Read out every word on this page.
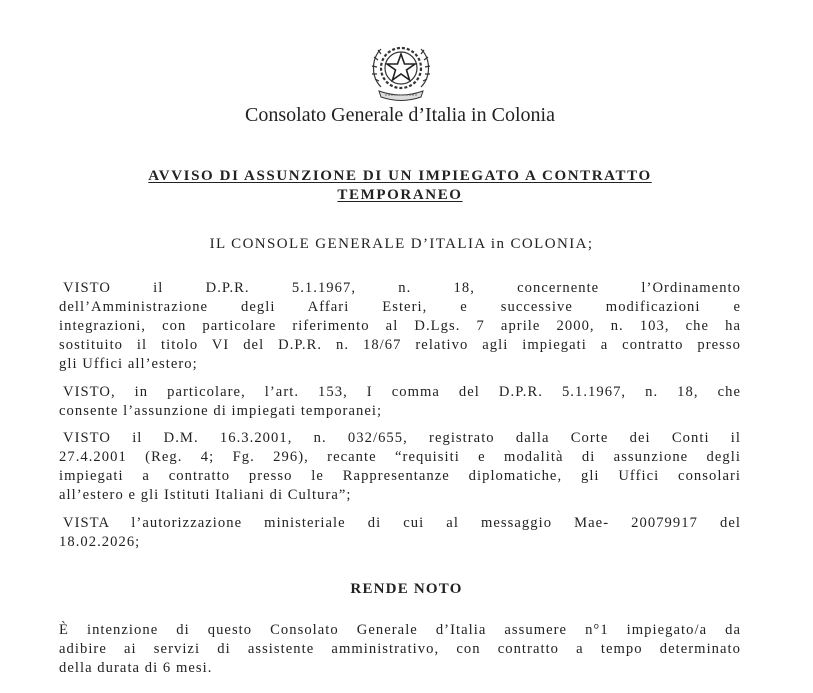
Consolato Generale d’Italia in Colonia
AVVISO DI ASSUNZIONE DI UN IMPIEGATO A CONTRATTO
TEMPORANEO
IL CONSOLE GENERALE D’ITALIA in COLONIA;
VISTO il D.P.R. 5.1.1967, n. 18, concernente l’Ordinamento
dell’Amministrazione degli Affari Esteri, e successive modificazioni e
integrazioni, con particolare riferimento al D.Lgs. 7 aprile 2000, n. 103, che ha
sostituito il titolo VI del D.P.R. n. 18/67 relativo agli impiegati a contratto presso
gli Uffici all’estero;
VISTO, in particolare, l’art. 153, I comma del D.P.R. 5.1.1967, n. 18, che
consente l’assunzione di impiegati temporanei;
VISTO il D.M. 16.3.2001, n. 032/655, registrato dalla Corte dei Conti il
27.4.2001 (Reg. 4; Fg. 296), recante “requisiti e modalità di assunzione degli
impiegati a contratto presso le Rappresentanze diplomatiche, gli Uffici consolari
all’estero e gli Istituti Italiani di Cultura”;
VISTA l’autorizzazione ministeriale di cui al messaggio Mae- 20079917 del
18.02.2026;
RENDE NOTO
È intenzione di questo Consolato Generale d’Italia assumere n°1 impiegato/a da
adibire ai servizi di assistente amministrativo, con contratto a tempo determinato
della durata di 6 mesi.
